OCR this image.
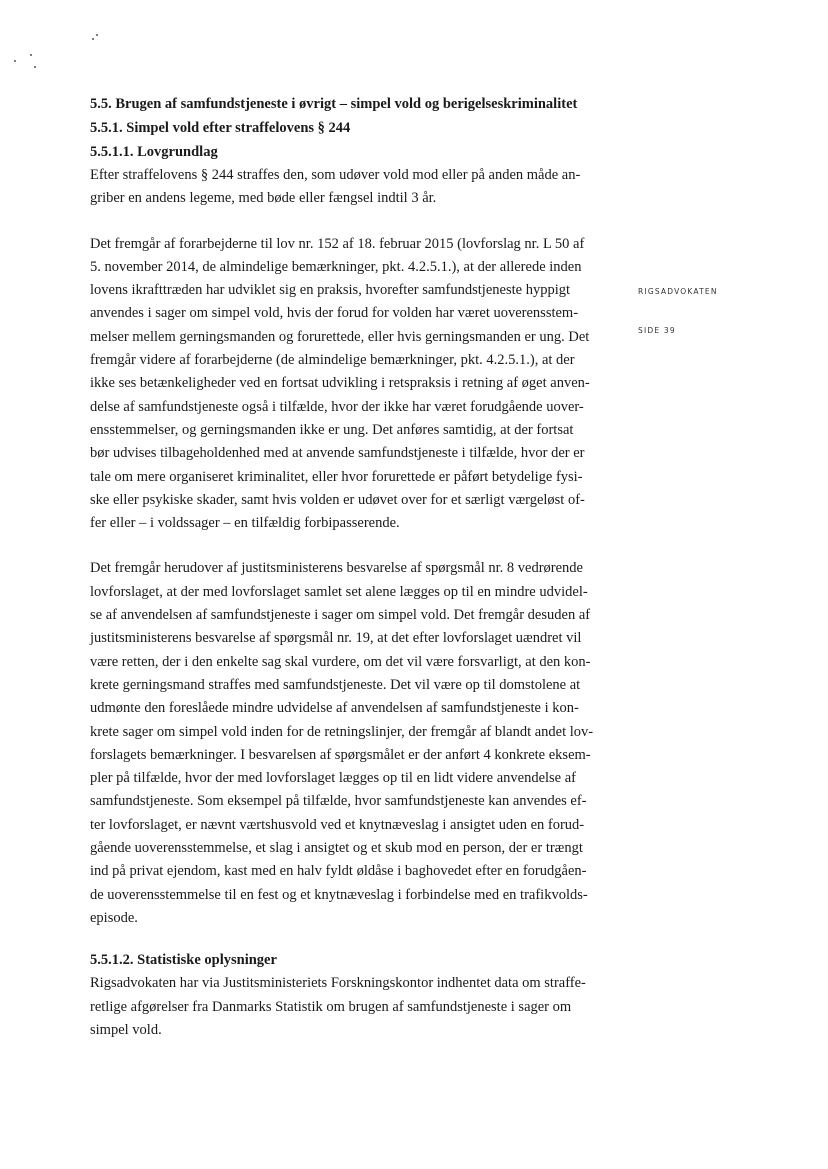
RIGSADVOKATEN
SIDE 39
5.5. Brugen af samfundstjeneste i øvrigt – simpel vold og berigelseskriminalitet
5.5.1. Simpel vold efter straffelovens § 244
5.5.1.1. Lovgrundlag

Efter straffelovens § 244 straffes den, som udøver vold mod eller på anden måde an-

griber en andens legeme, med bøde eller fængsel indtil 3 år.

Det fremgår af forarbejderne til lov nr. 152 af 18. februar 2015 (lovforslag nr. L 50 af

5. november 2014, de almindelige bemærkninger, pkt. 4.2.5.1.), at der allerede inden

lovens ikrafttræden har udviklet sig en praksis, hvorefter samfundstjeneste hyppigt

anvendes i sager om simpel vold, hvis der forud for volden har været uoverensstem-

melser mellem gerningsmanden og forurettede, eller hvis gerningsmanden er ung. Det

fremgår videre af forarbejderne (de almindelige bemærkninger, pkt. 4.2.5.1.), at der

ikke ses betænkeligheder ved en fortsat udvikling i retspraksis i retning af øget anven-

delse af samfundstjeneste også i tilfælde, hvor der ikke har været forudgående uover-

ensstemmelser, og gerningsmanden ikke er ung. Det anføres samtidig, at der fortsat

bør udvises tilbageholdenhed med at anvende samfundstjeneste i tilfælde, hvor der er

tale om mere organiseret kriminalitet, eller hvor forurettede er påført betydelige fysi-

ske eller psykiske skader, samt hvis volden er udøvet over for et særligt værgeløst of-

fer eller – i voldssager – en tilfældig forbipasserende.

Det fremgår herudover af justitsministerens besvarelse af spørgsmål nr. 8 vedrørende

lovforslaget, at der med lovforslaget samlet set alene lægges op til en mindre udvidel-

se af anvendelsen af samfundstjeneste i sager om simpel vold. Det fremgår desuden af

justitsministerens besvarelse af spørgsmål nr. 19, at det efter lovforslaget uændret vil

være retten, der i den enkelte sag skal vurdere, om det vil være forsvarligt, at den kon-

krete gerningsmand straffes med samfundstjeneste. Det vil være op til domstolene at

udmønte den foreslåede mindre udvidelse af anvendelsen af samfundstjeneste i kon-

krete sager om simpel vold inden for de retningslinjer, der fremgår af blandt andet lov-

forslagets bemærkninger. I besvarelsen af spørgsmålet er der anført 4 konkrete eksem-

pler på tilfælde, hvor der med lovforslaget lægges op til en lidt videre anvendelse af

samfundstjeneste. Som eksempel på tilfælde, hvor samfundstjeneste kan anvendes ef-

ter lovforslaget, er nævnt værtshusvold ved et knytnæveslag i ansigtet uden en forud-

gående uoverensstemmelse, et slag i ansigtet og et skub mod en person, der er trængt

ind på privat ejendom, kast med en halv fyldt øldåse i baghovedet efter en forudgåen-

de uoverensstemmelse til en fest og et knytnæveslag i forbindelse med en trafikvolds-

episode.

5.5.1.2. Statistiske oplysninger

Rigsadvokaten har via Justitsministeriets Forskningskontor indhentet data om straffe-

retlige afgørelser fra Danmarks Statistik om brugen af samfundstjeneste i sager om

simpel vold.
